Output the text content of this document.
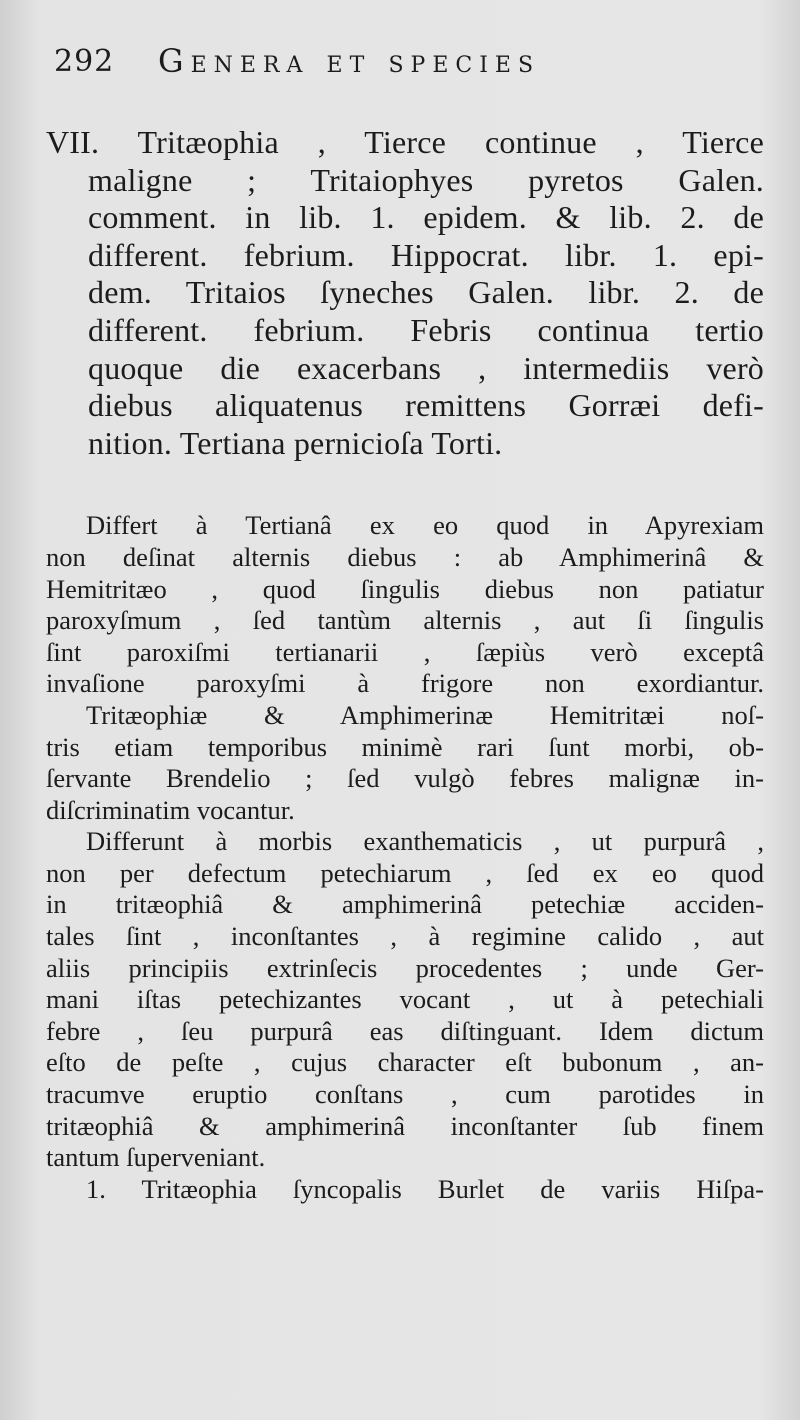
292 Genera et species
VII. Tritæophia , Tierce continue , Tierce
maligne ; Tritaiophyes pyretos Galen.
comment. in lib. 1. epidem. & lib. 2. de
different. febrium. Hippocrat. libr. 1. epi-
dem. Tritaios ſyneches Galen. libr. 2. de
different. febrium. Febris continua tertio
quoque die exacerbans , intermediis verò
diebus aliquatenus remittens Gorræi defi-
nition. Tertiana pernicioſa Torti.
Differt à Tertianâ ex eo quod in Apyrexiam
non deſinat alternis diebus : ab Amphimerinâ &
Hemitritæo , quod ſingulis diebus non patiatur
paroxyſmum , ſed tantùm alternis , aut ſi ſingulis
ſint paroxiſmi tertianarii , ſæpiùs verò exceptâ
invaſione paroxyſmi à frigore non exordiantur.
Tritæophiæ & Amphimerinæ Hemitritæi noſ-
tris etiam temporibus minimè rari ſunt morbi, ob-
ſervante Brendelio ; ſed vulgò febres malignæ in-
diſcriminatim vocantur.
Differunt à morbis exanthematicis , ut purpurâ ,
non per defectum petechiarum , ſed ex eo quod
in tritæophiâ & amphimerinâ petechiæ acciden-
tales ſint , inconſtantes , à regimine calido , aut
aliis principiis extrinſecis procedentes ; unde Ger-
mani iſtas petechizantes vocant , ut à petechiali
febre , ſeu purpurâ eas diſtinguant. Idem dictum
eſto de peſte , cujus character eſt bubonum , an-
tracumve eruptio conſtans , cum parotides in
tritæophiâ & amphimerinâ inconſtanter ſub finem
tantum ſuperveniant.
1. Tritæophia ſyncopalis Burlet de variis Hiſpa-
